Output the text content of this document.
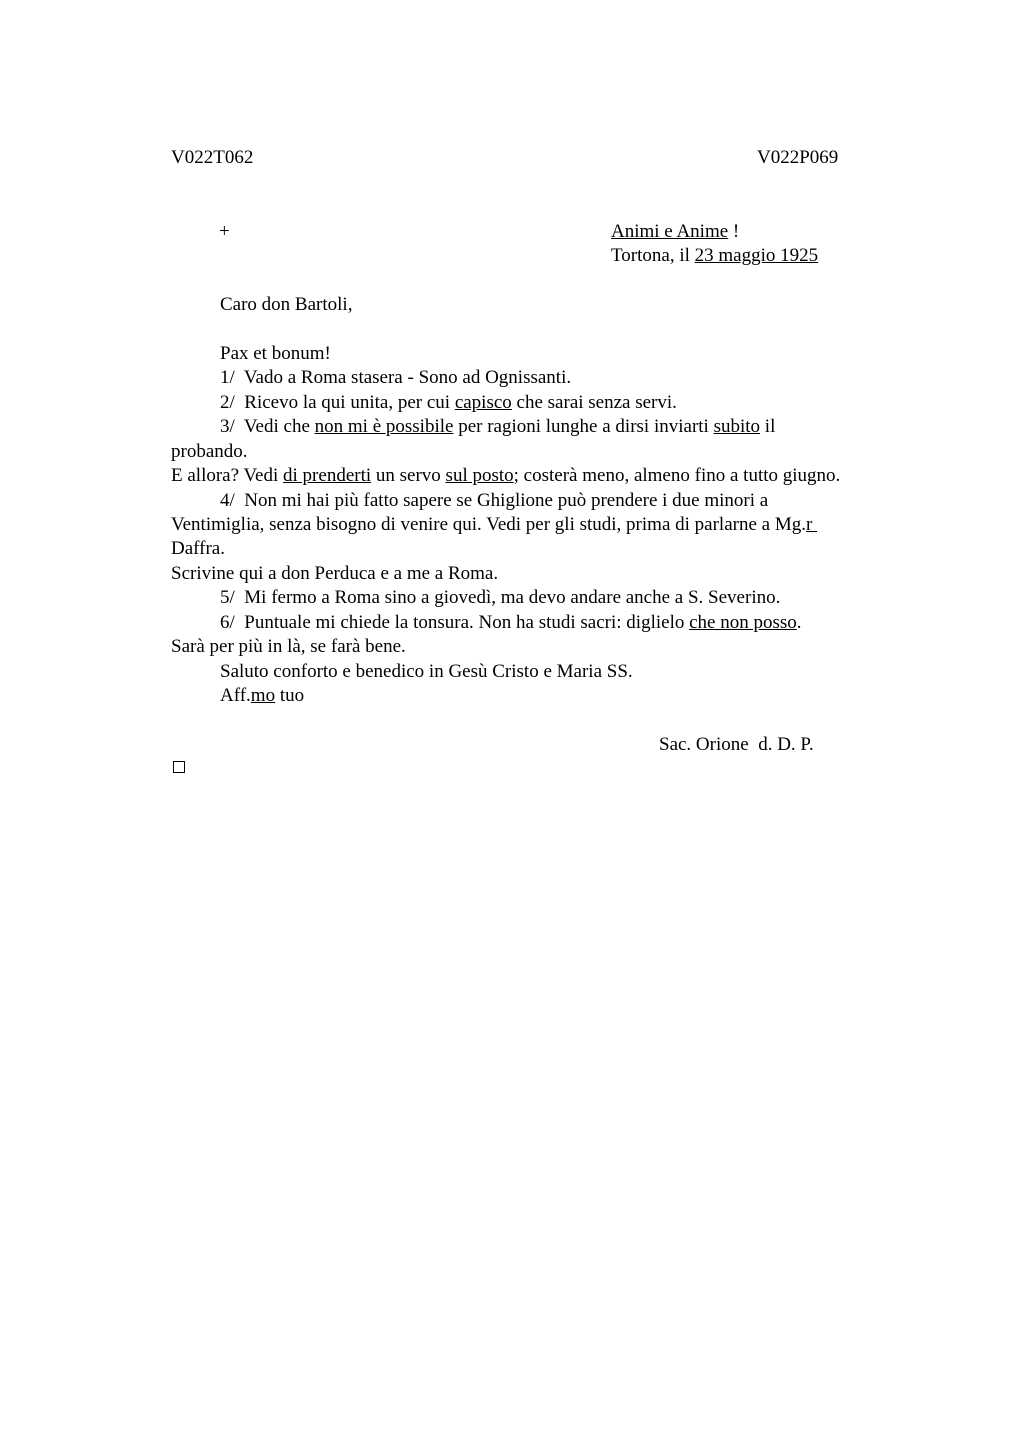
V022T062	V022P069
+	Animi e Anime !
Tortona, il 23 maggio 1925
Caro don Bartoli,
Pax et bonum!
1/  Vado a Roma stasera - Sono ad Ognissanti.
2/  Ricevo la qui unita, per cui capisco che sarai senza servi.
3/  Vedi che non mi è possibile per ragioni lunghe a dirsi inviarti subito il
probando.
E allora? Vedi di prenderti un servo sul posto; costerà meno, almeno fino a tutto giugno.
4/  Non mi hai più fatto sapere se Ghiglione può prendere i due minori a
Ventimiglia, senza bisogno di venire qui. Vedi per gli studi, prima di parlarne a Mg.r
Daffra.
Scrivine qui a don Perduca e a me a Roma.
5/  Mi fermo a Roma sino a giovedì, ma devo andare anche a S. Severino.
6/  Puntuale mi chiede la tonsura. Non ha studi sacri: diglielo che non posso.
Sarà per più in là, se farà bene.
Saluto conforto e benedico in Gesù Cristo e Maria SS.
Aff.mo tuo
Sac. Orione  d. D. P.
